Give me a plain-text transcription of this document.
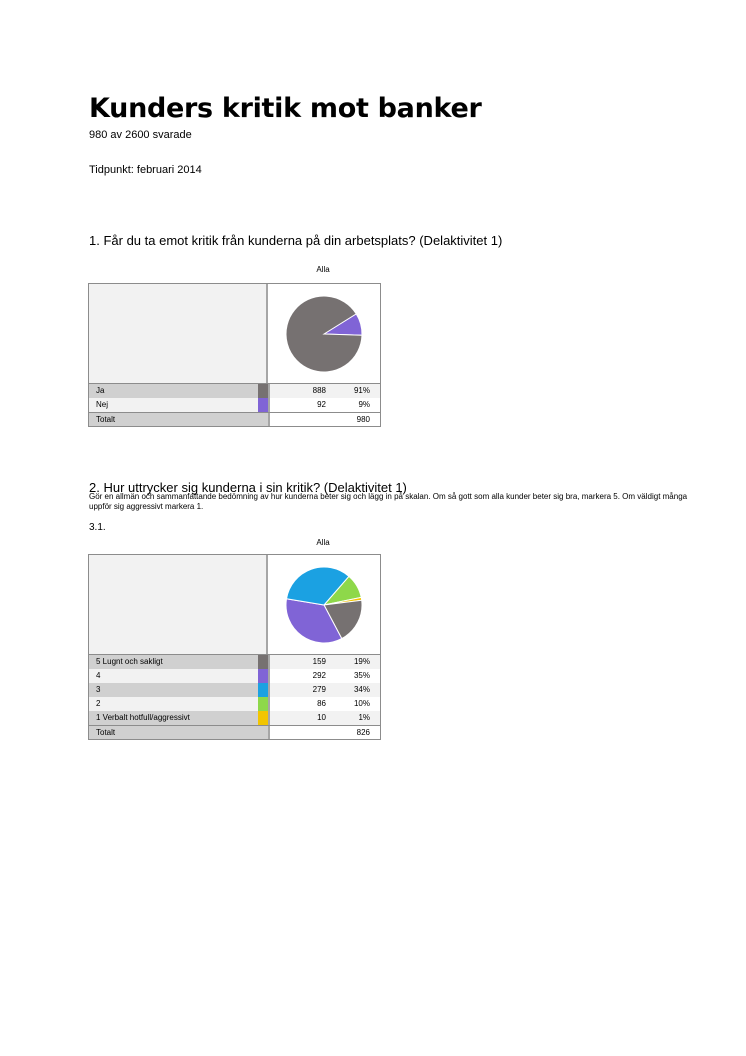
Kunders kritik mot banker
980 av 2600 svarade
Tidpunkt: februari 2014
1. Får du ta emot kritik från kunderna på din arbetsplats? (Delaktivitet 1)
Alla
Ja	888	91%
Nej	92	9%
Totalt	980
2. Hur uttrycker sig kunderna i sin kritik? (Delaktivitet 1)
Gör en allmän och sammanfattande bedömning av hur kunderna beter sig och lägg in på skalan. Om så gott som alla kunder beter sig bra, markera 5. Om väldigt många uppför sig aggressivt markera 1.
3.1.
Alla
5 Lugnt och sakligt	159	19%
4	292	35%
3	279	34%
2	86	10%
1 Verbalt hotfull/aggressivt	10	1%
Totalt	826
